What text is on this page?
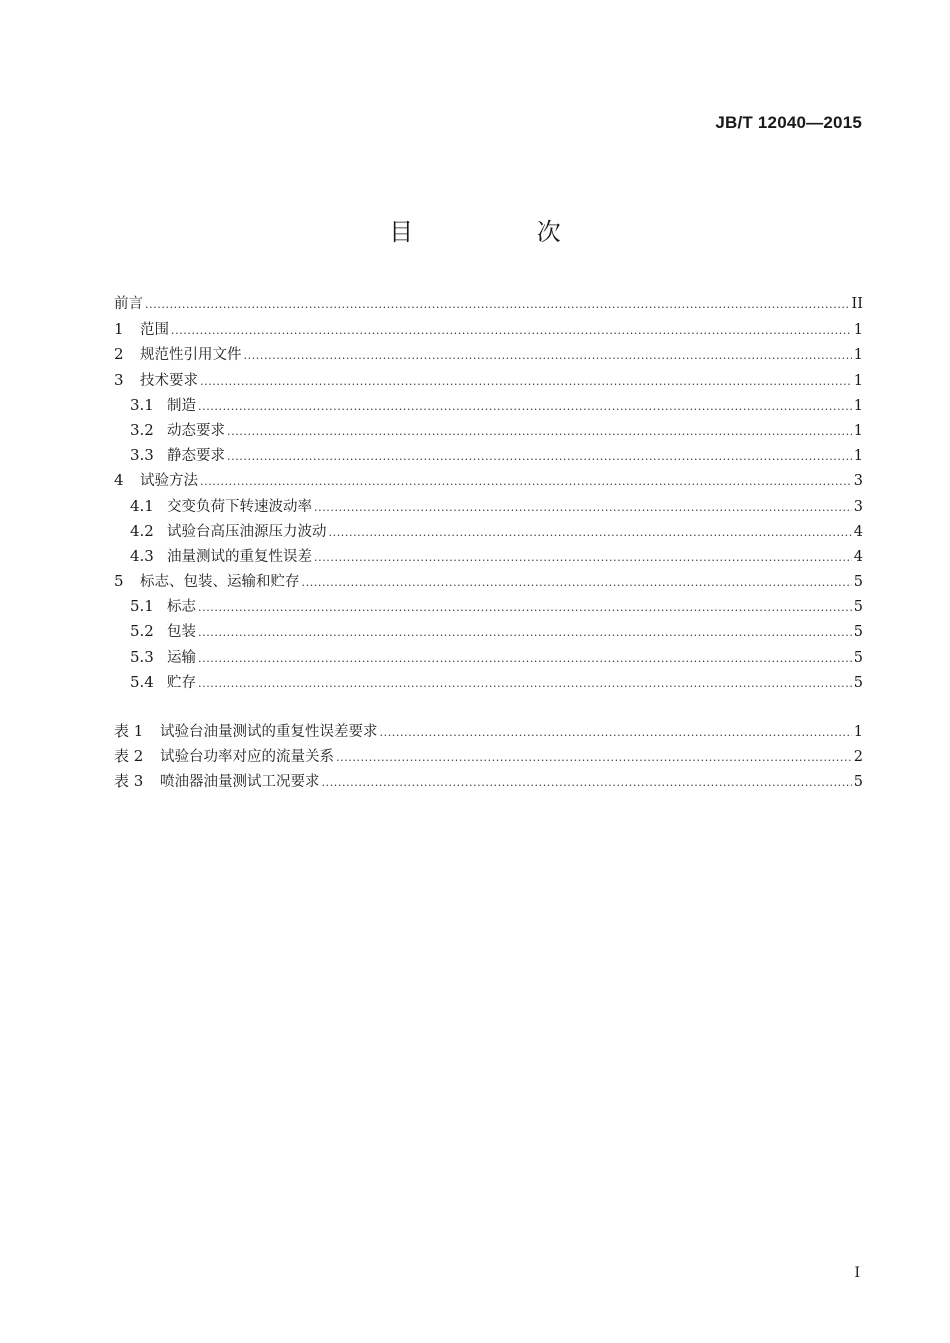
JB/T 12040—2015
目 次
前言 .....	II
1	范围 .....	1
2	规范性引用文件 .....	1
3	技术要求 .....	1
3.1 制造 .....	1
3.2 动态要求 .....	1
3.3 静态要求 .....	1
4	试验方法 .....	3
4.1 交变负荷下转速波动率 .....	3
4.2 试验台高压油源压力波动 .....	4
4.3 油量测试的重复性误差 .....	4
5	标志、包装、运输和贮存 .....	5
5.1 标志 .....	5
5.2 包装 .....	5
5.3 运输 .....	5
5.4 贮存 .....	5
表 1	试验台油量测试的重复性误差要求 .....	1
表 2	试验台功率对应的流量关系 .....	2
表 3	喷油器油量测试工况要求 .....	5
I
